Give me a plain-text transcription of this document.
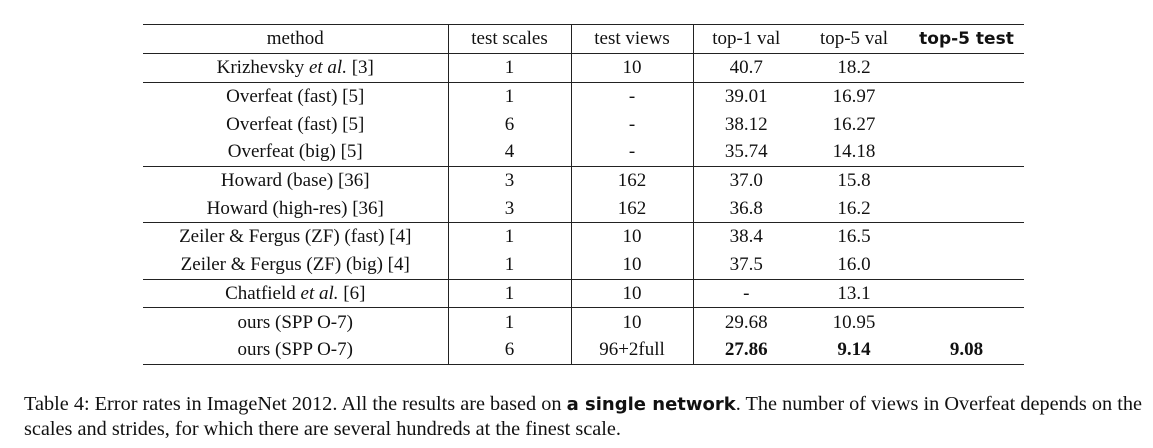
method	test scales	test views	top-1 val	top-5 val	top-5 test
Krizhevsky et al. [3]	1	10	40.7	18.2	
Overfeat (fast) [5]	1	-	39.01	16.97	
Overfeat (fast) [5]	6	-	38.12	16.27	
Overfeat (big) [5]	4	-	35.74	14.18	
Howard (base) [36]	3	162	37.0	15.8	
Howard (high-res) [36]	3	162	36.8	16.2	
Zeiler & Fergus (ZF) (fast) [4]	1	10	38.4	16.5	
Zeiler & Fergus (ZF) (big) [4]	1	10	37.5	16.0	
Chatfield et al. [6]	1	10	-	13.1	
ours (SPP O-7)	1	10	29.68	10.95	
ours (SPP O-7)	6	96+2full	27.86	9.14	9.08
Table 4: Error rates in ImageNet 2012. All the results are based on a single network. The number of views in Overfeat depends on the scales and strides, for which there are several hundreds at the finest scale.
